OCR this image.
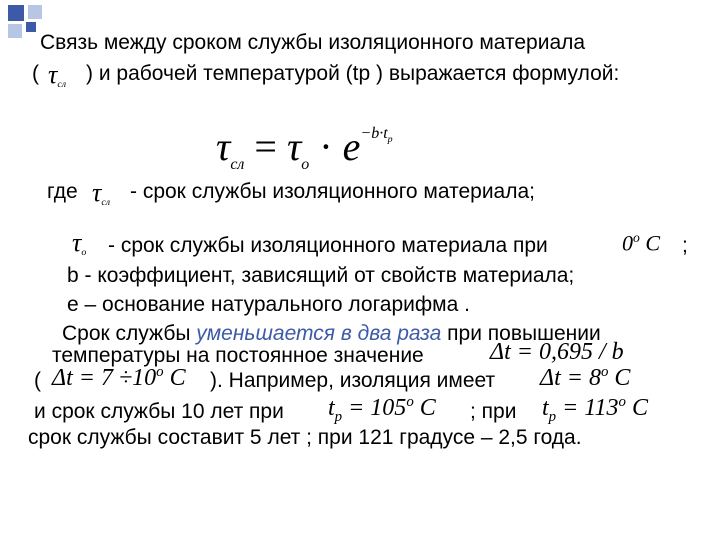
Связь между сроком службы изоляционного материала
( $\tau_{сл}$ ) и рабочей температурой (tp ) выражается формулой:
$\tau_{сл} = \tau_о \cdot e^{-b\cdot t_p}$
где $\tau_{сл}$ - срок службы изоляционного материала;
$\tau_о$ - срок службы изоляционного материала при	0$^o$ C ;
b - коэффициент, зависящий от свойств материала;
e – основание натурального логарифма .
Срок службы уменьшается в два раза при повышении
температуры на постоянное значение	Δt = 0,695 / b
( $\Delta t = 7 \div 10^o$ C ). Например, изоляция имеет $\Delta t = 8^o$ C
и срок службы 10 лет при $t_p = 105^o$ C ; при $t_p = 113^o$ C
срок службы составит 5 лет ; при 121 градусе – 2,5 года.
